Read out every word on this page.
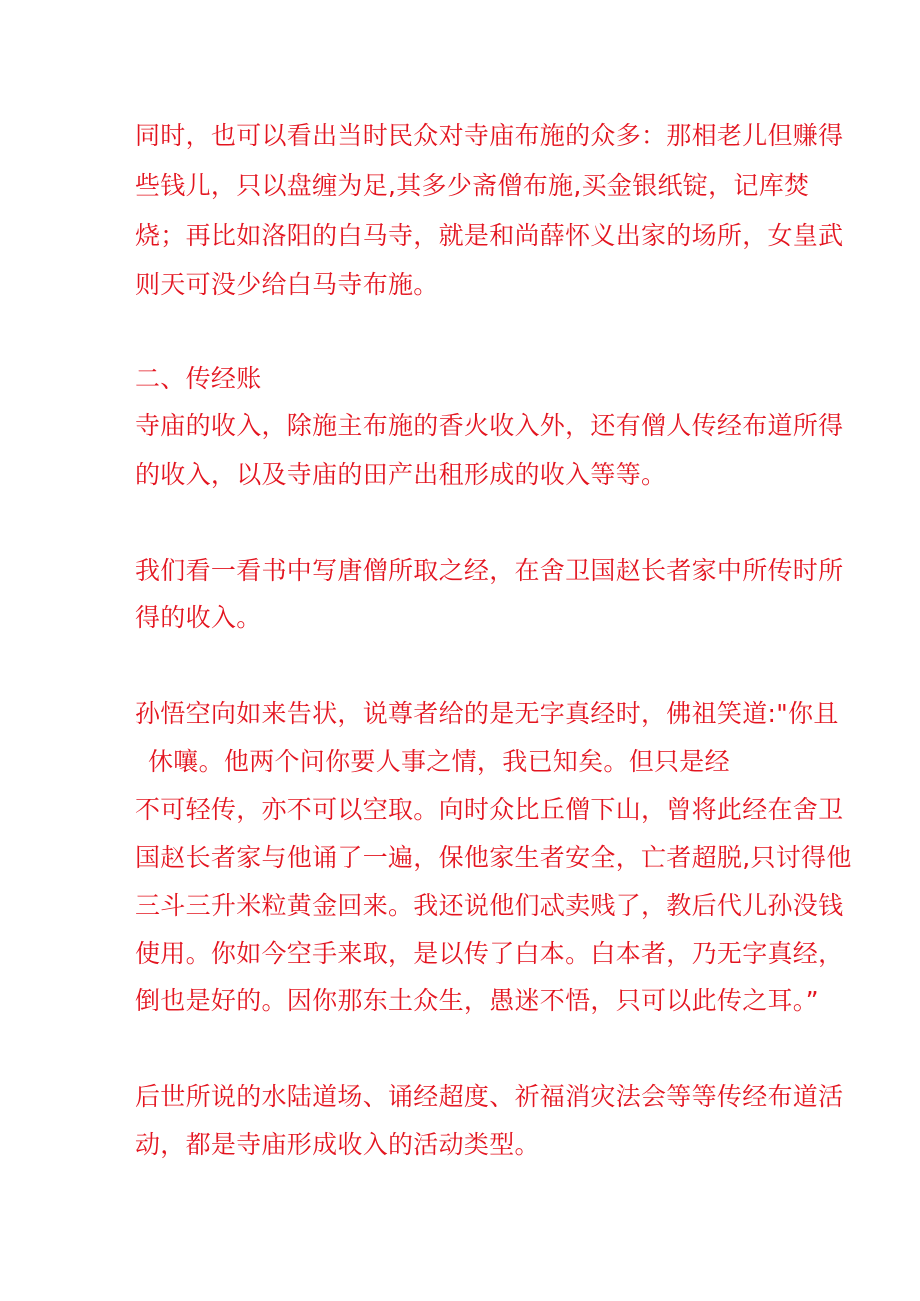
同时，也可以看出当时民众对寺庙布施的众多：那相老儿但赚得
些钱儿，只以盘缠为足,其多少斋僧布施,买金银纸锭，记库焚
烧；再比如洛阳的白马寺，就是和尚薛怀义出家的场所，女皇武
则天可没少给白马寺布施。
二、传经账
寺庙的收入，除施主布施的香火收入外，还有僧人传经布道所得
的收入，以及寺庙的田产出租形成的收入等等。
我们看一看书中写唐僧所取之经，在舍卫国赵长者家中所传时所
得的收入。
孙悟空向如来告状，说尊者给的是无字真经时，佛祖笑道:"你且
休嚷。他两个问你要人事之情，我已知矣。但只是经
不可轻传，亦不可以空取。向时众比丘僧下山，曾将此经在舍卫
国赵长者家与他诵了一遍，保他家生者安全，亡者超脱,只讨得他
三斗三升米粒黄金回来。我还说他们忒卖贱了，教后代儿孙没钱
使用。你如今空手来取，是以传了白本。白本者，乃无字真经，
倒也是好的。因你那东土众生，愚迷不悟，只可以此传之耳。”
后世所说的水陆道场、诵经超度、祈福消灾法会等等传经布道活
动，都是寺庙形成收入的活动类型。
